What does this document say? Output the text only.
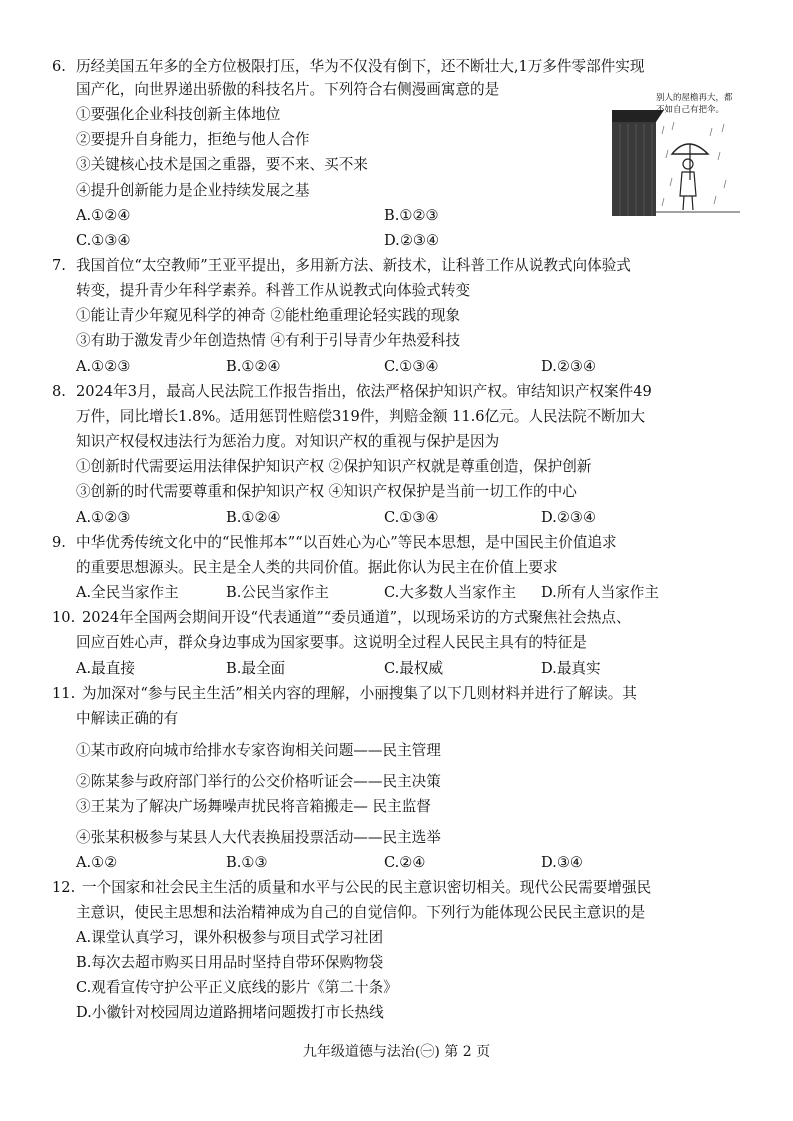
6. 历经美国五年多的全方位极限打压，华为不仅没有倒下，还不断壮大,1万多件零部件实现
国产化，向世界递出骄傲的科技名片。下列符合右侧漫画寓意的是
①要强化企业科技创新主体地位
②要提升自身能力，拒绝与他人合作
③关键核心技术是国之重器，要不来、买不来
④提升创新能力是企业持续发展之基
A.①②④	B.①②③
C.①③④	D.②③④
别人的屋檐再大，都
不如自己有把伞。
7. 我国首位“太空教师”王亚平提出，多用新方法、新技术，让科普工作从说教式向体验式
转变，提升青少年科学素养。科普工作从说教式向体验式转变
①能让青少年窥见科学的神奇 ②能杜绝重理论轻实践的现象
③有助于激发青少年创造热情 ④有利于引导青少年热爱科技
A.①②③	B.①②④	C.①③④	D.②③④
8. 2024年3月，最高人民法院工作报告指出，依法严格保护知识产权。审结知识产权案件49
万件，同比增长1.8%。适用惩罚性赔偿319件，判赔金额 11.6亿元。人民法院不断加大
知识产权侵权违法行为惩治力度。对知识产权的重视与保护是因为
①创新时代需要运用法律保护知识产权 ②保护知识产权就是尊重创造，保护创新
③创新的时代需要尊重和保护知识产权 ④知识产权保护是当前一切工作的中心
A.①②③	B.①②④	C.①③④	D.②③④
9. 中华优秀传统文化中的“民惟邦本”“以百姓心为心”等民本思想，是中国民主价值追求
的重要思想源头。民主是全人类的共同价值。据此你认为民主在价值上要求
A.全民当家作主	B.公民当家作主	C.大多数人当家作主 D.所有人当家作主
10. 2024年全国两会期间开设“代表通道”“委员通道”，以现场采访的方式聚焦社会热点、
回应百姓心声，群众身边事成为国家要事。这说明全过程人民民主具有的特征是
A.最直接	B.最全面	C.最权威	D.最真实
11. 为加深对“参与民主生活”相关内容的理解，小丽搜集了以下几则材料并进行了解读。其
中解读正确的有
①某市政府向城市给排水专家咨询相关问题——民主管理
②陈某参与政府部门举行的公交价格听证会——民主决策
③王某为了解决广场舞噪声扰民将音箱搬走— 民主监督
④张某积极参与某县人大代表换届投票活动——民主选举
A.①②	B.①③	C.②④	D.③④
12. 一个国家和社会民主生活的质量和水平与公民的民主意识密切相关。现代公民需要增强民
主意识，使民主思想和法治精神成为自己的自觉信仰。下列行为能体现公民民主意识的是
A.课堂认真学习，课外积极参与项目式学习社团
B.每次去超市购买日用品时坚持自带环保购物袋
C.观看宣传守护公平正义底线的影片《第二十条》
D.小徽针对校园周边道路拥堵问题拨打市长热线
九年级道德与法治(㊀) 第 2 页
